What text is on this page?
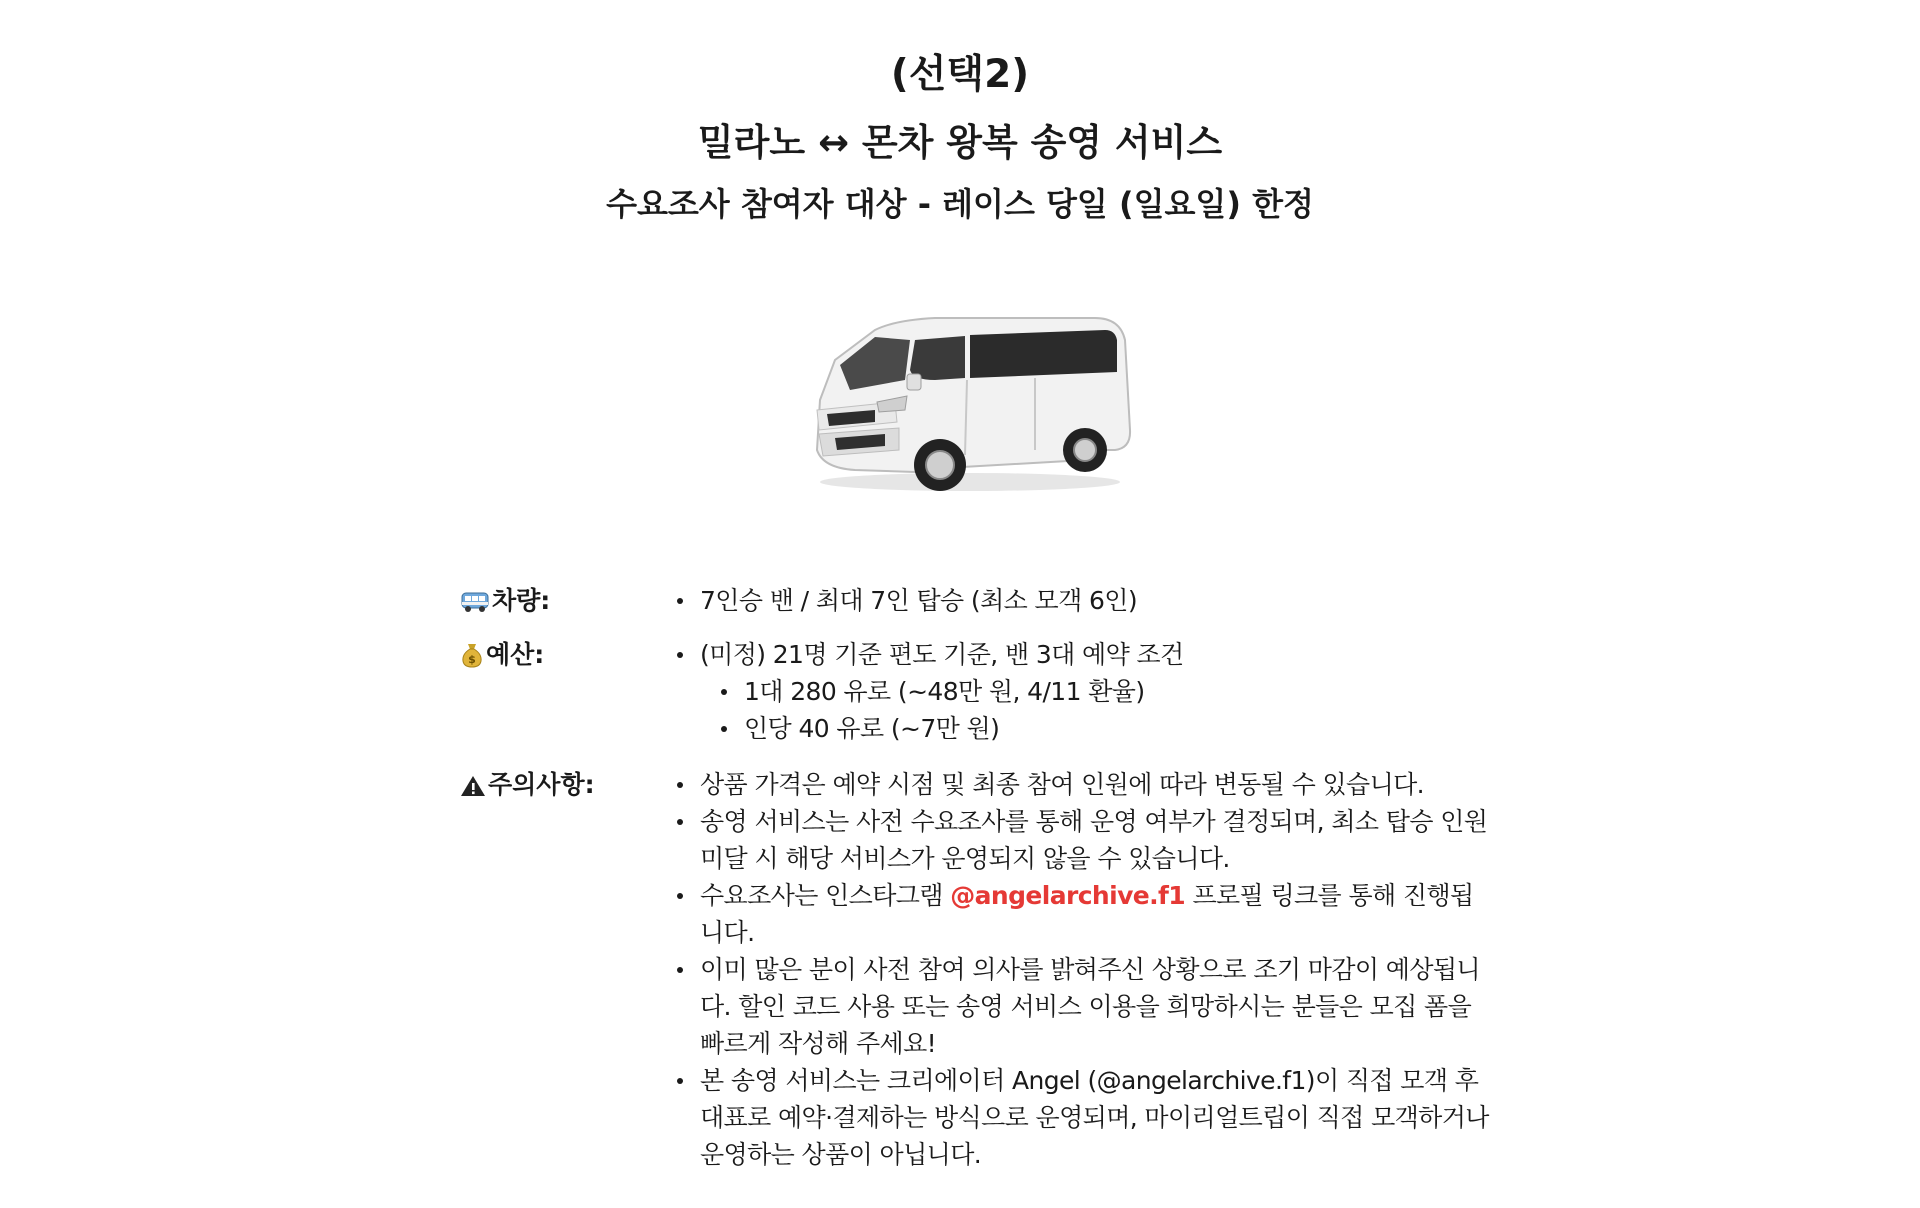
(선택2)
밀라노 ↔ 몬차 왕복 송영 서비스
수요조사 참여자 대상 - 레이스 당일 (일요일) 한정
차량:	7인승 밴 / 최대 7인 탑승 (최소 모객 6인)
$ 예산:	(미정) 21명 기준 편도 기준, 밴 3대 예약 조건
1대 280 유로 (~48만 원, 4/11 환율)
인당 40 유로 (~7만 원)
주의사항:	상품 가격은 예약 시점 및 최종 참여 인원에 따라 변동될 수 있습니다.
송영 서비스는 사전 수요조사를 통해 운영 여부가 결정되며, 최소 탑승 인원 미달 시 해당 서비스가 운영되지 않을 수 있습니다.
수요조사는 인스타그램 @angelarchive.f1 프로필 링크를 통해 진행됩니다.
이미 많은 분이 사전 참여 의사를 밝혀주신 상황으로 조기 마감이 예상됩니다. 할인 코드 사용 또는 송영 서비스 이용을 희망하시는 분들은 모집 폼을 빠르게 작성해 주세요!
본 송영 서비스는 크리에이터 Angel (@angelarchive.f1)이 직접 모객 후 대표로 예약·결제하는 방식으로 운영되며, 마이리얼트립이 직접 모객하거나 운영하는 상품이 아닙니다.
